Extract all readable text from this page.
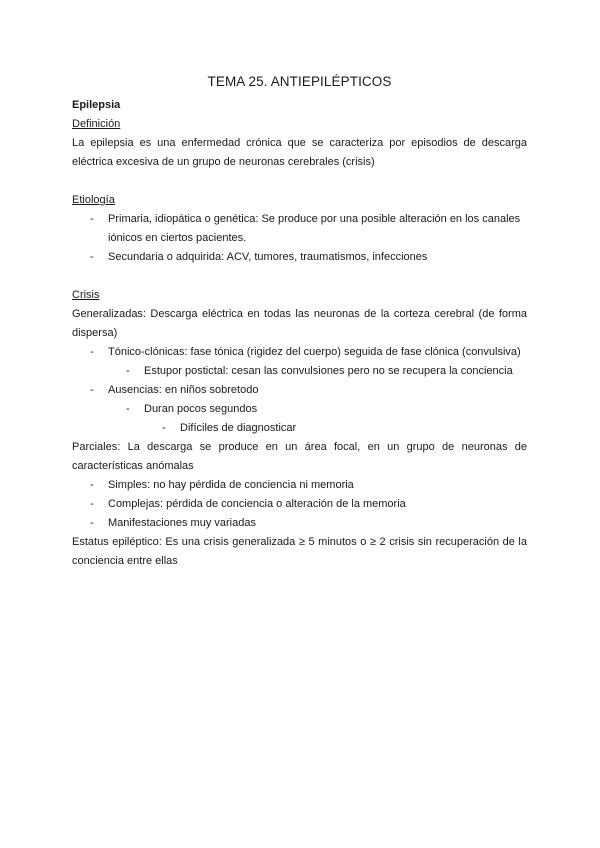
TEMA 25. ANTIEPILÉPTICOS
Epilepsia
Definición

La epilepsia es una enfermedad crónica que se caracteriza por episodios de descarga eléctrica excesiva de un grupo de neuronas cerebrales (crisis)

Etiología
- Primaria, idiopática o genética: Se produce por una posible alteración en los canales iónicos en ciertos pacientes.
- Secundaria o adquirida: ACV, tumores, traumatismos, infecciones
Crisis

Generalizadas: Descarga eléctrica en todas las neuronas de la corteza cerebral (de forma dispersa)

- Tónico-clónicas: fase tónica (rigidez del cuerpo) seguida de fase clónica (convulsiva)
- Estupor postictal: cesan las convulsiones pero no se recupera la conciencia
- Ausencias: en niños sobretodo
- Duran pocos segundos
- Difíciles de diagnosticar

Parciales: La descarga se produce en un área focal, en un grupo de neuronas de características anómalas

- Simples: no hay pérdida de conciencia ni memoria
- Complejas: pérdida de conciencia o alteración de la memoria
- Manifestaciones muy variadas

Estatus epiléptico: Es una crisis generalizada ≥ 5 minutos o ≥ 2 crisis sin recuperación de la conciencia entre ellas
